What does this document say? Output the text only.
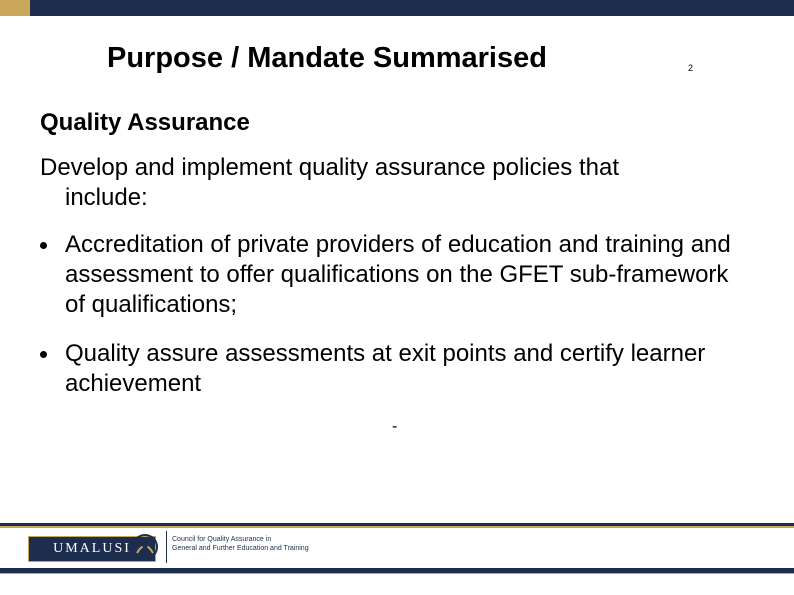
Purpose / Mandate Summarised	2
Quality Assurance
Develop and implement quality assurance policies that
include:
Accreditation of private providers of education and training and assessment to offer qualifications on the GFET sub-framework of qualifications;
Quality assure assessments at exit points and certify learner achievement
-
UMALUSI
Council for Quality Assurance in
General and Further Education and Training
